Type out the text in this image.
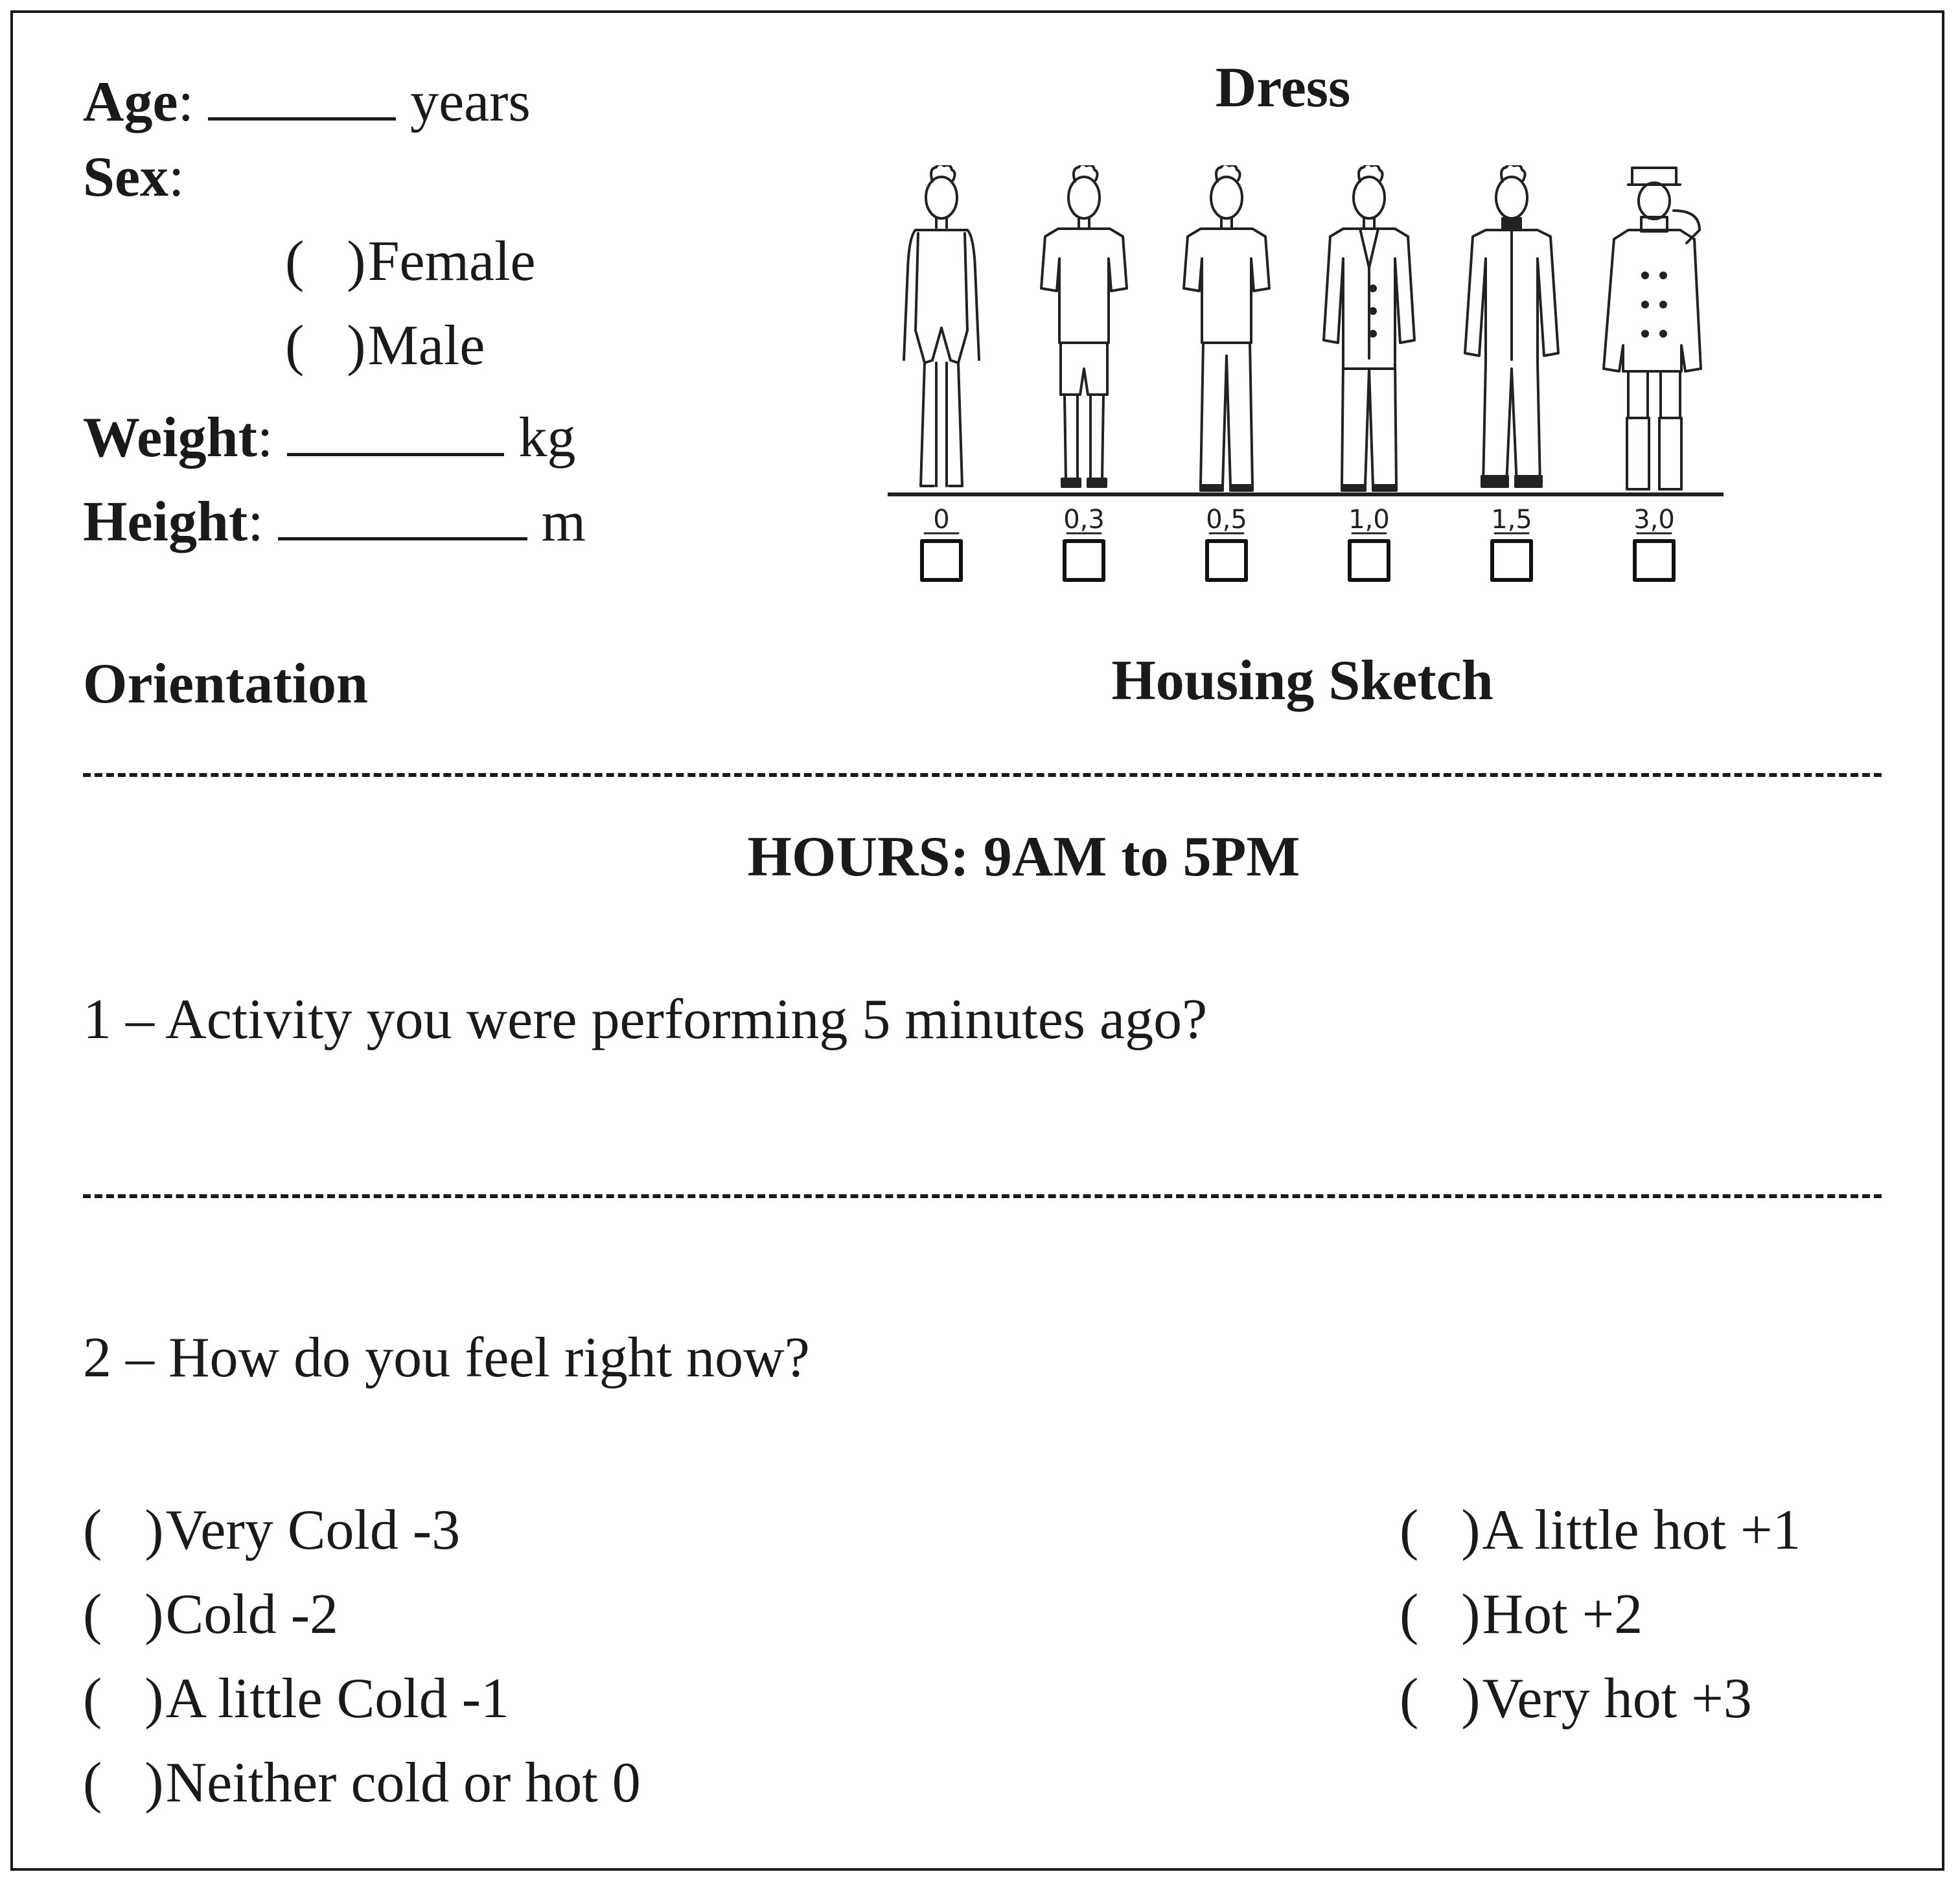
Age:	years
Sex:
(   )Female
(   )Male
Weight:	kg
Height:	m
Dress
0	0,3	0,5	1,0	1,5	3,0
Orientation	Housing Sketch
HOURS: 9AM to 5PM
1 – Activity you were performing 5 minutes ago?
2 – How do you feel right now?
(   )Very Cold -3
(   )Cold -2
(   )A little Cold -1
(   )Neither cold or hot 0
(   )A little hot +1
(   )Hot +2
(   )Very hot +3
